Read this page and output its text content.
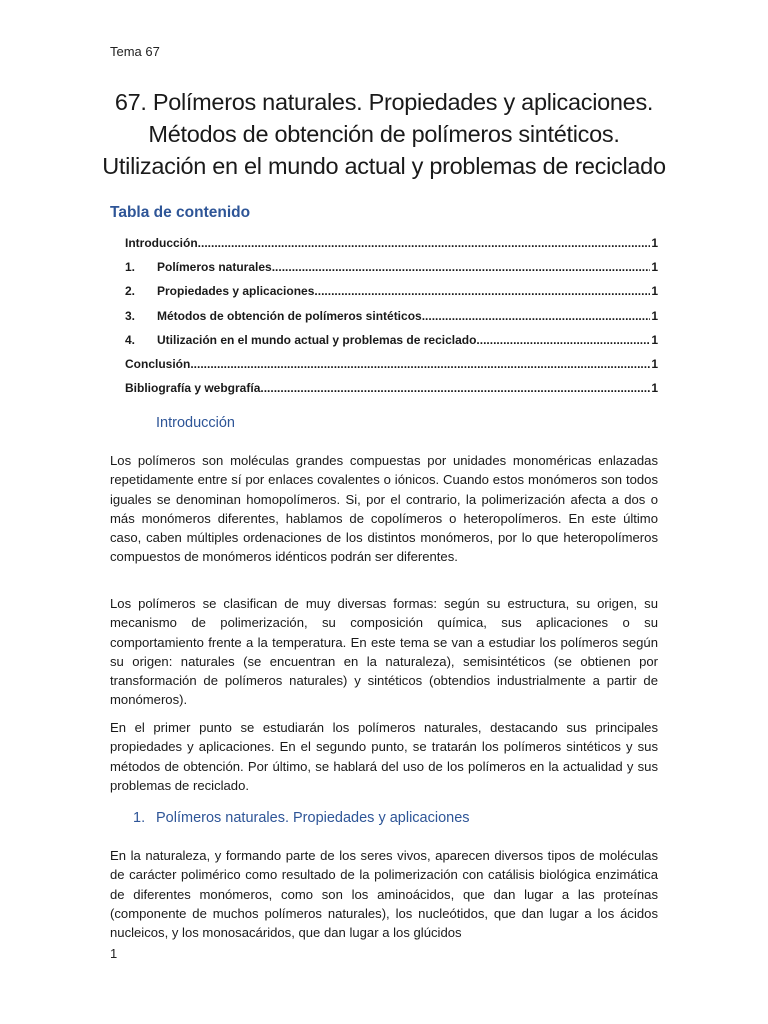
Tema 67
67. Polímeros naturales. Propiedades y aplicaciones.
Métodos de obtención de polímeros sintéticos.
Utilización en el mundo actual y problemas de reciclado
Tabla de contenido
Introducción .....	1
1.	Polímeros naturales .....	1
2.	Propiedades y aplicaciones .....	1
3.	Métodos de obtención de polímeros sintéticos .....	1
4.	Utilización en el mundo actual y problemas de reciclado .....	1
Conclusión .....	1
Bibliografía y webgrafía .....	1
Introducción

Los polímeros son moléculas grandes compuestas por unidades monoméricas enlazadas repetidamente entre sí por enlaces covalentes o iónicos. Cuando estos monómeros son todos iguales se denominan homopolímeros. Si, por el contrario, la polimerización afecta a dos o más monómeros diferentes, hablamos de copolímeros o heteropolímeros. En este último caso, caben múltiples ordenaciones de los distintos monómeros, por lo que heteropolímeros compuestos de monómeros idénticos podrán ser diferentes.

Los polímeros se clasifican de muy diversas formas: según su estructura, su origen, su mecanismo de polimerización, su composición química, sus aplicaciones o su comportamiento frente a la temperatura. En este tema se van a estudiar los polímeros según su origen: naturales (se encuentran en la naturaleza), semisintéticos (se obtienen por transformación de polímeros naturales) y sintéticos (obtendios industrialmente a partir de monómeros).

En el primer punto se estudiarán los polímeros naturales, destacando sus principales propiedades y aplicaciones. En el segundo punto, se tratarán los polímeros sintéticos y sus métodos de obtención. Por último, se hablará del uso de los polímeros en la actualidad y sus problemas de reciclado.

1. Polímeros naturales. Propiedades y aplicaciones

En la naturaleza, y formando parte de los seres vivos, aparecen diversos tipos de moléculas de carácter polimérico como resultado de la polimerización con catálisis biológica enzimática de diferentes monómeros, como son los aminoácidos, que dan lugar a las proteínas (componente de muchos polímeros naturales), los nucleótidos, que dan lugar a los ácidos nucleicos, y los monosacáridos, que dan lugar a los glúcidos

1
